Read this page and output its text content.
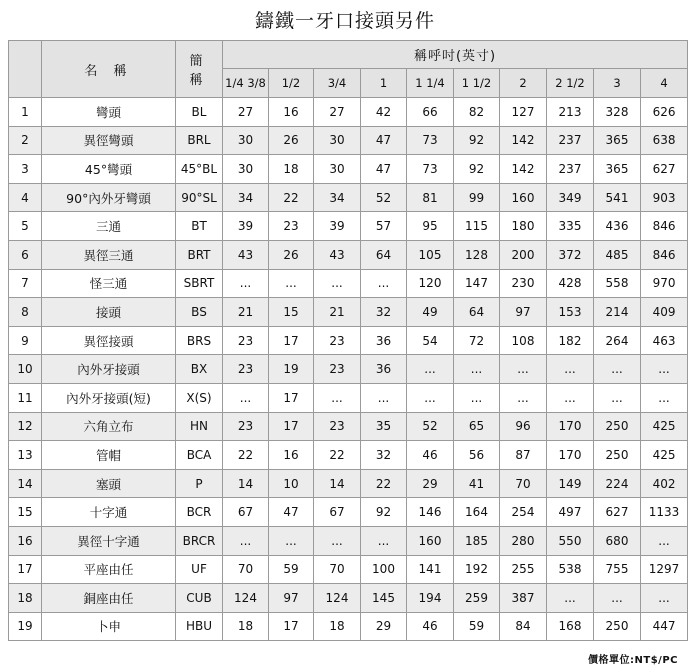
鑄鐵一牙口接頭另件
	名 稱	簡 稱	稱呼吋(英寸)									
			1/4 3/8	1/2	3/4	1	1 1/4	1 1/2	2	2 1/2	3	4
1	彎頭	BL	27	16	27	42	66	82	127	213	328	626
2	異徑彎頭	BRL	30	26	30	47	73	92	142	237	365	638
3	45°彎頭	45°BL	30	18	30	47	73	92	142	237	365	627
4	90°內外牙彎頭	90°SL	34	22	34	52	81	99	160	349	541	903
5	三通	BT	39	23	39	57	95	115	180	335	436	846
6	異徑三通	BRT	43	26	43	64	105	128	200	372	485	846
7	怪三通	SBRT	...	...	...	...	120	147	230	428	558	970
8	接頭	BS	21	15	21	32	49	64	97	153	214	409
9	異徑接頭	BRS	23	17	23	36	54	72	108	182	264	463
10	內外牙接頭	BX	23	19	23	36	...	...	...	...	...	...
11	內外牙接頭(短)	X(S)	...	17	...	...	...	...	...	...	...	...
12	六角立布	HN	23	17	23	35	52	65	96	170	250	425
13	管帽	BCA	22	16	22	32	46	56	87	170	250	425
14	塞頭	P	14	10	14	22	29	41	70	149	224	402
15	十字通	BCR	67	47	67	92	146	164	254	497	627	1133
16	異徑十字通	BRCR	...	...	...	...	160	185	280	550	680	...
17	平座由任	UF	70	59	70	100	141	192	255	538	755	1297
18	銅座由任	CUB	124	97	124	145	194	259	387	...	...	...
19	卜申	HBU	18	17	18	29	46	59	84	168	250	447
價格單位:NT$/PC
